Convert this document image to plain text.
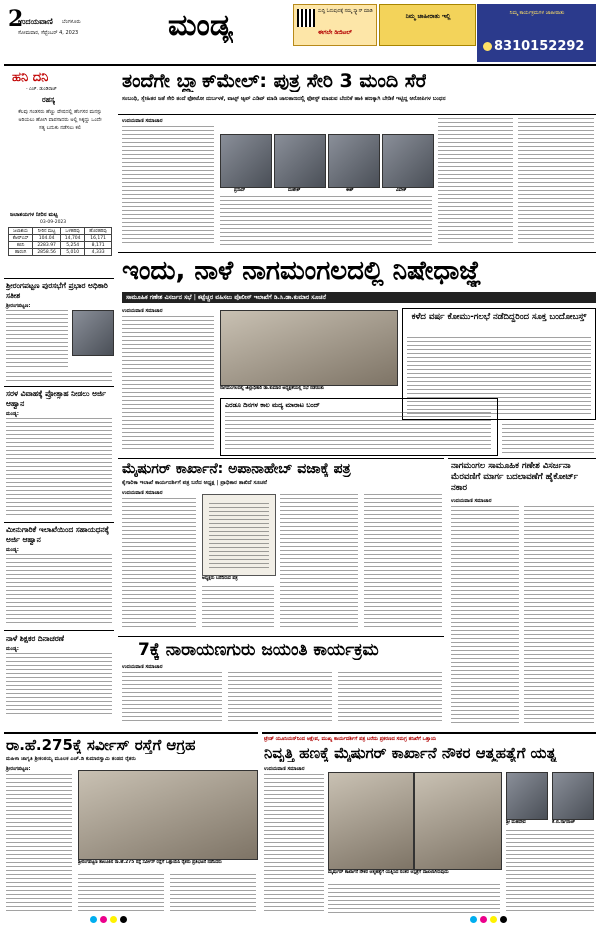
2
ಉದಯವಾಣಿ ಬೆಂಗಳೂರು
ಸೋಮವಾರ, ಸೆಪ್ಟೆಂಬರ್ 4, 2023	ಮಂಡ್ಯ	ಸುದ್ದಿ ಓದುವುದಕ್ಕೆ ನಮ್ಮ ಸ್ಕ್ಯಾನ್ ಮಾಡಿ
ಈಗಲೇ ಡಿಜಿಟಲ್
ನಿಮ್ಮ ಜಾಹೀರಾತು ಇಲ್ಲಿ	ನಿಮ್ಮ ಕಾರ್ಯಕ್ರಮಗಳ ಜಾಹೀರಾತು
8310152292
ಹನಿ ದನಿ
- ಎಚ್. ಡುಂಡಿರಾಜ್
ರಹಸ್ಯ
ಕೆಲವು ಗಂಡಸರು ಹೆಣ್ಣು ವೇಷದಲ್ಲಿ ಹೆಂಗಸರ ಮನಸ್ಸು ಅರಿಯಲು ಹೋಗಿ ವಾಪಸಾದರು ಅಲ್ಲಿ ಸಿಕ್ಕದ್ದು ಒಂದೇ ಸತ್ಯ ಬದುಕು ನಡೆಸಲು ಕಲಿ
ಜಲಾಶಯಗಳ ನೀರಿನ ಮಟ್ಟ
03-09-2023
ಜಲಾಶಯ	ನೀರಿನ ಮಟ್ಟ	ಒಳಹರಿವು	ಹೊರಹರಿವು
ಕೆಆರ್‌ಎಸ್	104.04	14,704	16,171
ಕಬಿನಿ	2283.97	5,254	8,171
ಹಾರಂಗಿ	2858.56	5,010	4,333
ತಂದೆಗೇ ಬ್ಲ್ಯಾಕ್‌ಮೇಲ್: ಪುತ್ರ ಸೇರಿ 3 ಮಂದಿ ಸೆರೆ
ಸಂಬಂಧಿ, ಸ್ನೇಹಿತರ ಜತೆ ಸೇರಿ ತಂದೆ ಫೋಟೋ ದುರ್ಬಳಕೆ, ವಾಟ್ಸ್ ಆ್ಯಪ್ ಎಡಿಟ್ ಮಾಡಿ ಜಾಲತಾಣದಲ್ಲಿ ಫೋಸ್ಟ್ ಮಾಡುವ ಬೆದರಿಕೆ ಹಾಕಿ ಹಣಕ್ಕಾಗಿ ಬೇಡಿಕೆ ಇಟ್ಟಿದ್ದ ಆರೋಪಿಗಳ ಬಂಧನ
ಉದಯವಾಣಿ ಸಮಾಚಾರ
ಪ್ರಸಾದ್	ಮಹೇಶ್	ಈಶ್	ವಿವೇಕ್
ಇಂದು, ನಾಳೆ ನಾಗಮಂಗಲದಲ್ಲಿ ನಿಷೇಧಾಜ್ಞೆ
ಸಾಮೂಹಿಕ ಗಣೇಶ ವಿಸರ್ಜನ ಸಭೆ | ಕಟ್ಟೆಚ್ಚರ ವಹಿಸಲು ಪೊಲೀಸ್ ಇಲಾಖೆಗೆ ಡಿ.ಸಿ.ಡಾ.ಕುಮಾರ ಸೂಚನೆ
ಉದಯವಾಣಿ ಸಮಾಚಾರ
ನಾಗಮಂಗಲದಲ್ಲಿ ಜಿಲ್ಲಾಧಿಕಾರಿ ಡಾ.ಕುಮಾರ ಅಧ್ಯಕ್ಷತೆಯಲ್ಲಿ ಸಭೆ ನಡೆಯಿತು
ಕಳೆದ ವರ್ಷ ಕೋಮು-ಗಲಭೆ ನಡೆದಿದ್ದರಿಂದ ಸೂಕ್ತ ಬಂದೋಬಸ್ತ್
ಎರಡೂ ದಿನಗಳ ಕಾಲ ಮದ್ಯ ಮಾರಾಟ ಬಂದ್
ಶ್ರೀರಂಗಪಟ್ಟಣ ಪುರಸಭೆಗೆ ಪ್ರಭಾರ ಅಧಿಕಾರಿ ಸತೀಶ
ಶ್ರೀರಂಗಪಟ್ಟಣ:
ಸರಳ ವಿವಾಹಕ್ಕೆ ಪ್ರೋತ್ಸಾಹ ನೀಡಲು ಅರ್ಜಿ ಆಹ್ವಾನ
ಮಂಡ್ಯ:
ಮೀನುಗಾರಿಕೆ ಇಲಾಖೆಯಿಂದ ಸಹಾಯಧನಕ್ಕೆ ಅರ್ಜಿ ಆಹ್ವಾನ
ಮಂಡ್ಯ:
ನಾಳೆ ಶಿಕ್ಷಕರ ದಿನಾಚರಣೆ
ಮಂಡ್ಯ:
ಮೈಷುಗರ್ ಕಾರ್ಖಾನೆ: ಅಪಾನಾಹೇಬ್ ವಜಾಕ್ಕೆ ಪತ್ರ
ಕೈಗಾರಿಕಾ ಇಲಾಖೆ ಕಾರ್ಯದರ್ಶಿಗೆ ಪತ್ರ ಬರೆದ ಅಧ್ಯಕ್ಷ | ಪ್ರಾಧಿಕಾರ ತಾಖಿದೆ ಸೂಚನೆ
ಉದಯವಾಣಿ ಸಮಾಚಾರ
ಅಧ್ಯಕ್ಷರು ಬರೆದಿರುವ ಪತ್ರ
ನಾಗಮಂಗಲ ಸಾಮೂಹಿಕ ಗಣೇಶ ವಿಸರ್ಜನಾ ಮೆರವಣಿಗೆ ಮಾರ್ಗ ಬದಲಾವಣೆಗೆ ಹೈಕೋರ್ಟ್ ನಕಾರ
ಉದಯವಾಣಿ ಸಮಾಚಾರ
7ಕ್ಕೆ ನಾರಾಯಣಗುರು ಜಯಂತಿ ಕಾರ್ಯಕ್ರಮ
ಉದಯವಾಣಿ ಸಮಾಚಾರ
ರಾ.ಹೆ.275ಕ್ಕೆ ಸರ್ವೀಸ್ ರಸ್ತೆಗೆ ಆಗ್ರಹ
ಮಹಿಳಾ ಜಾಗೃತಿ ಶ್ರೀಕಂಠಯ್ಯ ಮೂಲಕ ಎಚ್.ಡಿ ಕುಮಾರಸ್ವಾಮಿ ತಂಡದ ರೈತರು
ಶ್ರೀರಂಗಪಟ್ಟಣ:
ಶ್ರೀರಂಗಪಟ್ಟಣ ತಾಲೂಕಿನ ರಾ.ಹೆ.275 ರಸ್ತೆ ಸರ್ವೀಸ್ ರಸ್ತೆಗೆ ಒತ್ತಾಯಿಸಿ ರೈತರು ಪ್ರತಿಭಟನೆ ನಡೆಸಿದರು
ಟ್ರೇಡ್ ಯೂನಿಯನ್‌ನಿಂದ ಆಕ್ಷೇಪ, ಮುಖ್ಯ ಕಾರ್ಯದರ್ಶಿಗೆ ಪತ್ರ ಬರೆದು ಪ್ರಕರಣದ ಸಮಗ್ರ ತನಿಖೆಗೆ ಒತ್ತಾಯ
ನಿವೃತ್ತಿ ಹಣಕ್ಕೆ ಮೈಷುಗರ್ ಕಾರ್ಖಾನೆ ನೌಕರ ಆತ್ಮಹತ್ಯೆಗೆ ಯತ್ನ
ಉದಯವಾಣಿ ಸಮಾಚಾರ
ಮೈಷುಗರ್ ಕಾರ್ಖಾನೆ ನೌಕರ ಆತ್ಮಹತ್ಯೆಗೆ ಯತ್ನಿಸಿದ ನಂತರ ಆಸ್ಪತ್ರೆಗೆ ದಾಖಲಾಗಿರುವುದು
ಶ್ರೀ ಮಹದೇವ	ಕೆ.ಬಿ.ನಾಗರಾಜ್
